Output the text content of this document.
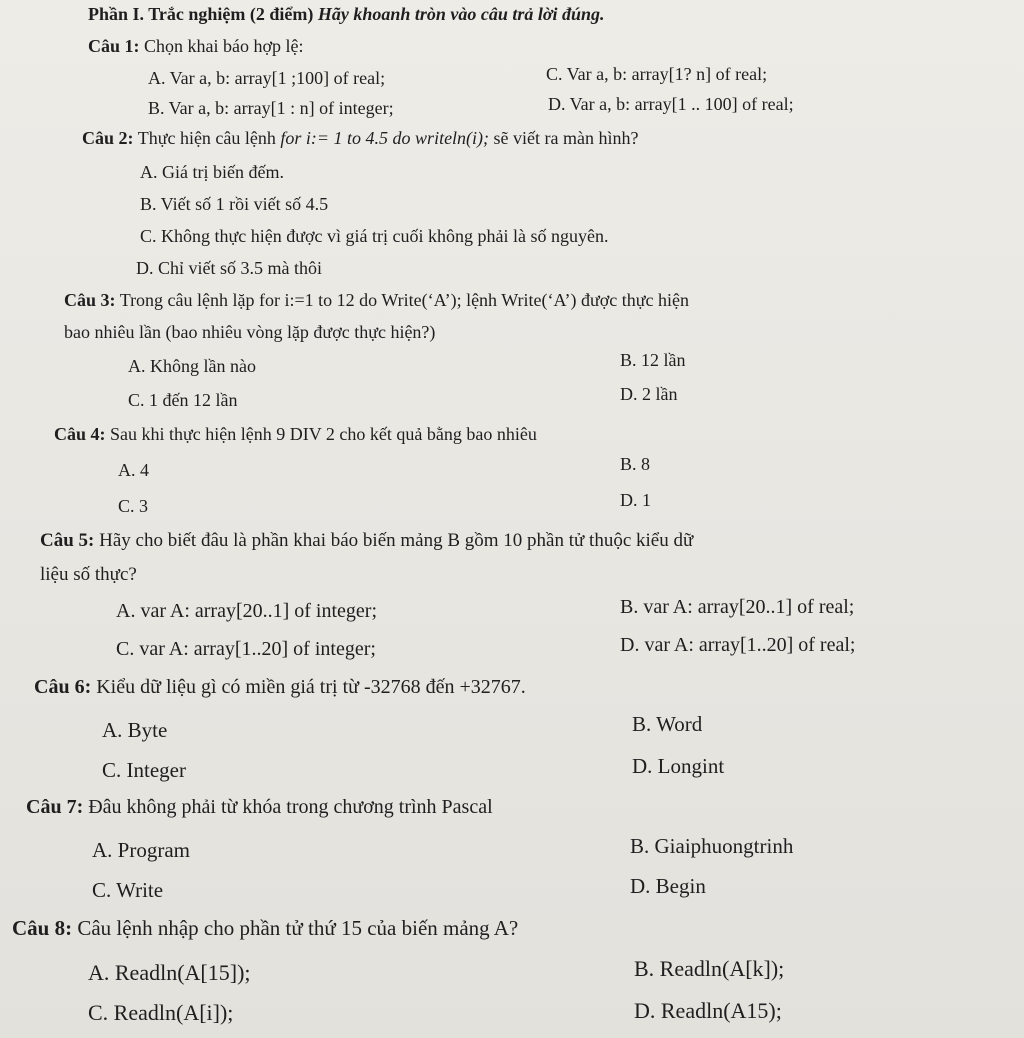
Phần I. Trắc nghiệm (2 điểm) Hãy khoanh tròn vào câu trả lời đúng.
Câu 1: Chọn khai báo hợp lệ:
A. Var a, b: array[1 ;100] of real;	C. Var a, b: array[1? n] of real;
B. Var a, b: array[1 : n] of integer;	D. Var a, b: array[1 .. 100] of real;
Câu 2: Thực hiện câu lệnh for i:= 1 to 4.5 do writeln(i); sẽ viết ra màn hình?
A. Giá trị biến đếm.
B. Viết số 1 rồi viết số 4.5
C. Không thực hiện được vì giá trị cuối không phải là số nguyên.
D. Chỉ viết số 3.5 mà thôi
Câu 3: Trong câu lệnh lặp for i:=1 to 12 do Write(‘A’); lệnh Write(‘A’) được thực hiện
bao nhiêu lần (bao nhiêu vòng lặp được thực hiện?)
A. Không lần nào	B. 12 lần
C. 1 đến 12 lần	D. 2 lần
Câu 4: Sau khi thực hiện lệnh 9 DIV 2 cho kết quả bằng bao nhiêu
A. 4	B. 8
C. 3	D. 1
Câu 5: Hãy cho biết đâu là phần khai báo biến mảng B gồm 10 phần tử thuộc kiểu dữ
liệu số thực?
A. var A: array[20..1] of integer;	B. var A: array[20..1] of real;
C. var A: array[1..20] of integer;	D. var A: array[1..20] of real;
Câu 6: Kiểu dữ liệu gì có miền giá trị từ -32768 đến +32767.
A. Byte	B. Word
C. Integer	D. Longint
Câu 7: Đâu không phải từ khóa trong chương trình Pascal
A. Program	B. Giaiphuongtrinh
C. Write	D. Begin
Câu 8: Câu lệnh nhập cho phần tử thứ 15 của biến mảng A?
A. Readln(A[15]);	B. Readln(A[k]);
C. Readln(A[i]);	D. Readln(A15);
